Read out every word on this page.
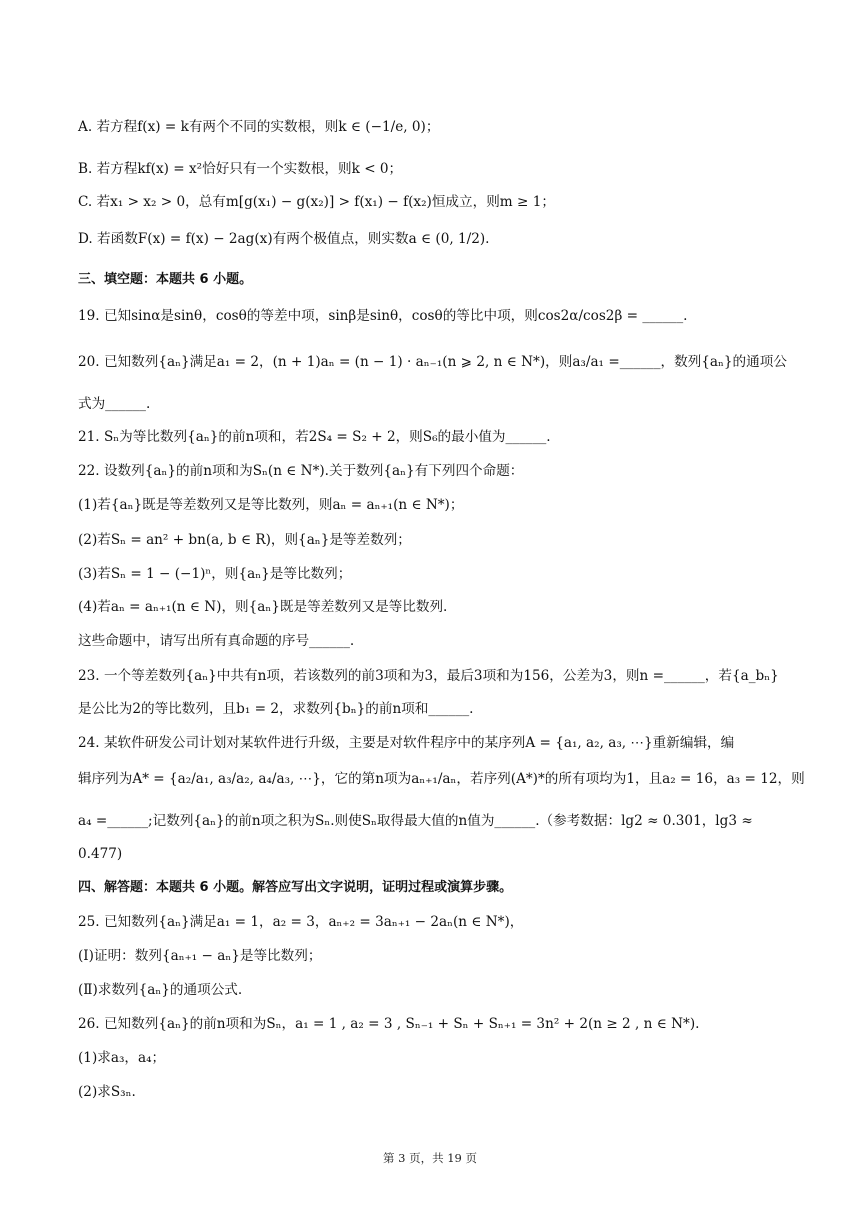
A. 若方程f(x) = k有两个不同的实数根，则k ∈ (−1/e, 0)；
B. 若方程kf(x) = x²恰好只有一个实数根，则k < 0；
C. 若x₁ > x₂ > 0，总有m[g(x₁) − g(x₂)] > f(x₁) − f(x₂)恒成立，则m ≥ 1；
D. 若函数F(x) = f(x) − 2ag(x)有两个极值点，则实数a ∈ (0, 1/2).
三、填空题：本题共 6 小题。
19. 已知sinα是sinθ，cosθ的等差中项，sinβ是sinθ，cosθ的等比中项，则cos2α/cos2β = ______.
20. 已知数列{aₙ}满足a₁ = 2，(n + 1)aₙ = (n − 1) · aₙ₋₁(n ⩾ 2, n ∈ N*)，则a₃/a₁ =______，数列{aₙ}的通项公
式为______.
21. Sₙ为等比数列{aₙ}的前n项和，若2S₄ = S₂ + 2，则S₆的最小值为______.
22. 设数列{aₙ}的前n项和为Sₙ(n ∈ N*).关于数列{aₙ}有下列四个命题：
(1)若{aₙ}既是等差数列又是等比数列，则aₙ = aₙ₊₁(n ∈ N*)；
(2)若Sₙ = an² + bn(a, b ∈ R)，则{aₙ}是等差数列；
(3)若Sₙ = 1 − (−1)ⁿ，则{aₙ}是等比数列；
(4)若aₙ = aₙ₊₁(n ∈ N)，则{aₙ}既是等差数列又是等比数列.
这些命题中，请写出所有真命题的序号______.
23. 一个等差数列{aₙ}中共有n项，若该数列的前3项和为3，最后3项和为156，公差为3，则n =______，若{a_bₙ}
是公比为2的等比数列，且b₁ = 2，求数列{bₙ}的前n项和______.
24. 某软件研发公司计划对某软件进行升级，主要是对软件程序中的某序列A = {a₁, a₂, a₃, ⋯}重新编辑，编
辑序列为A* = {a₂/a₁, a₃/a₂, a₄/a₃, ⋯}，它的第n项为aₙ₊₁/aₙ，若序列(A*)*的所有项均为1，且a₂ = 16，a₃ = 12，则
a₄ =______;记数列{aₙ}的前n项之积为Sₙ.则使Sₙ取得最大值的n值为______.（参考数据：lg2 ≈ 0.301，lg3 ≈
0.477)
四、解答题：本题共 6 小题。解答应写出文字说明，证明过程或演算步骤。
25. 已知数列{aₙ}满足a₁ = 1，a₂ = 3，aₙ₊₂ = 3aₙ₊₁ − 2aₙ(n ∈ N*)，
(Ⅰ)证明：数列{aₙ₊₁ − aₙ}是等比数列；
(Ⅱ)求数列{aₙ}的通项公式.
26. 已知数列{aₙ}的前n项和为Sₙ，a₁ = 1 , a₂ = 3 , Sₙ₋₁ + Sₙ + Sₙ₊₁ = 3n² + 2(n ≥ 2 , n ∈ N*).
(1)求a₃，a₄；
(2)求S₃ₙ.
第 3 页，共 19 页
